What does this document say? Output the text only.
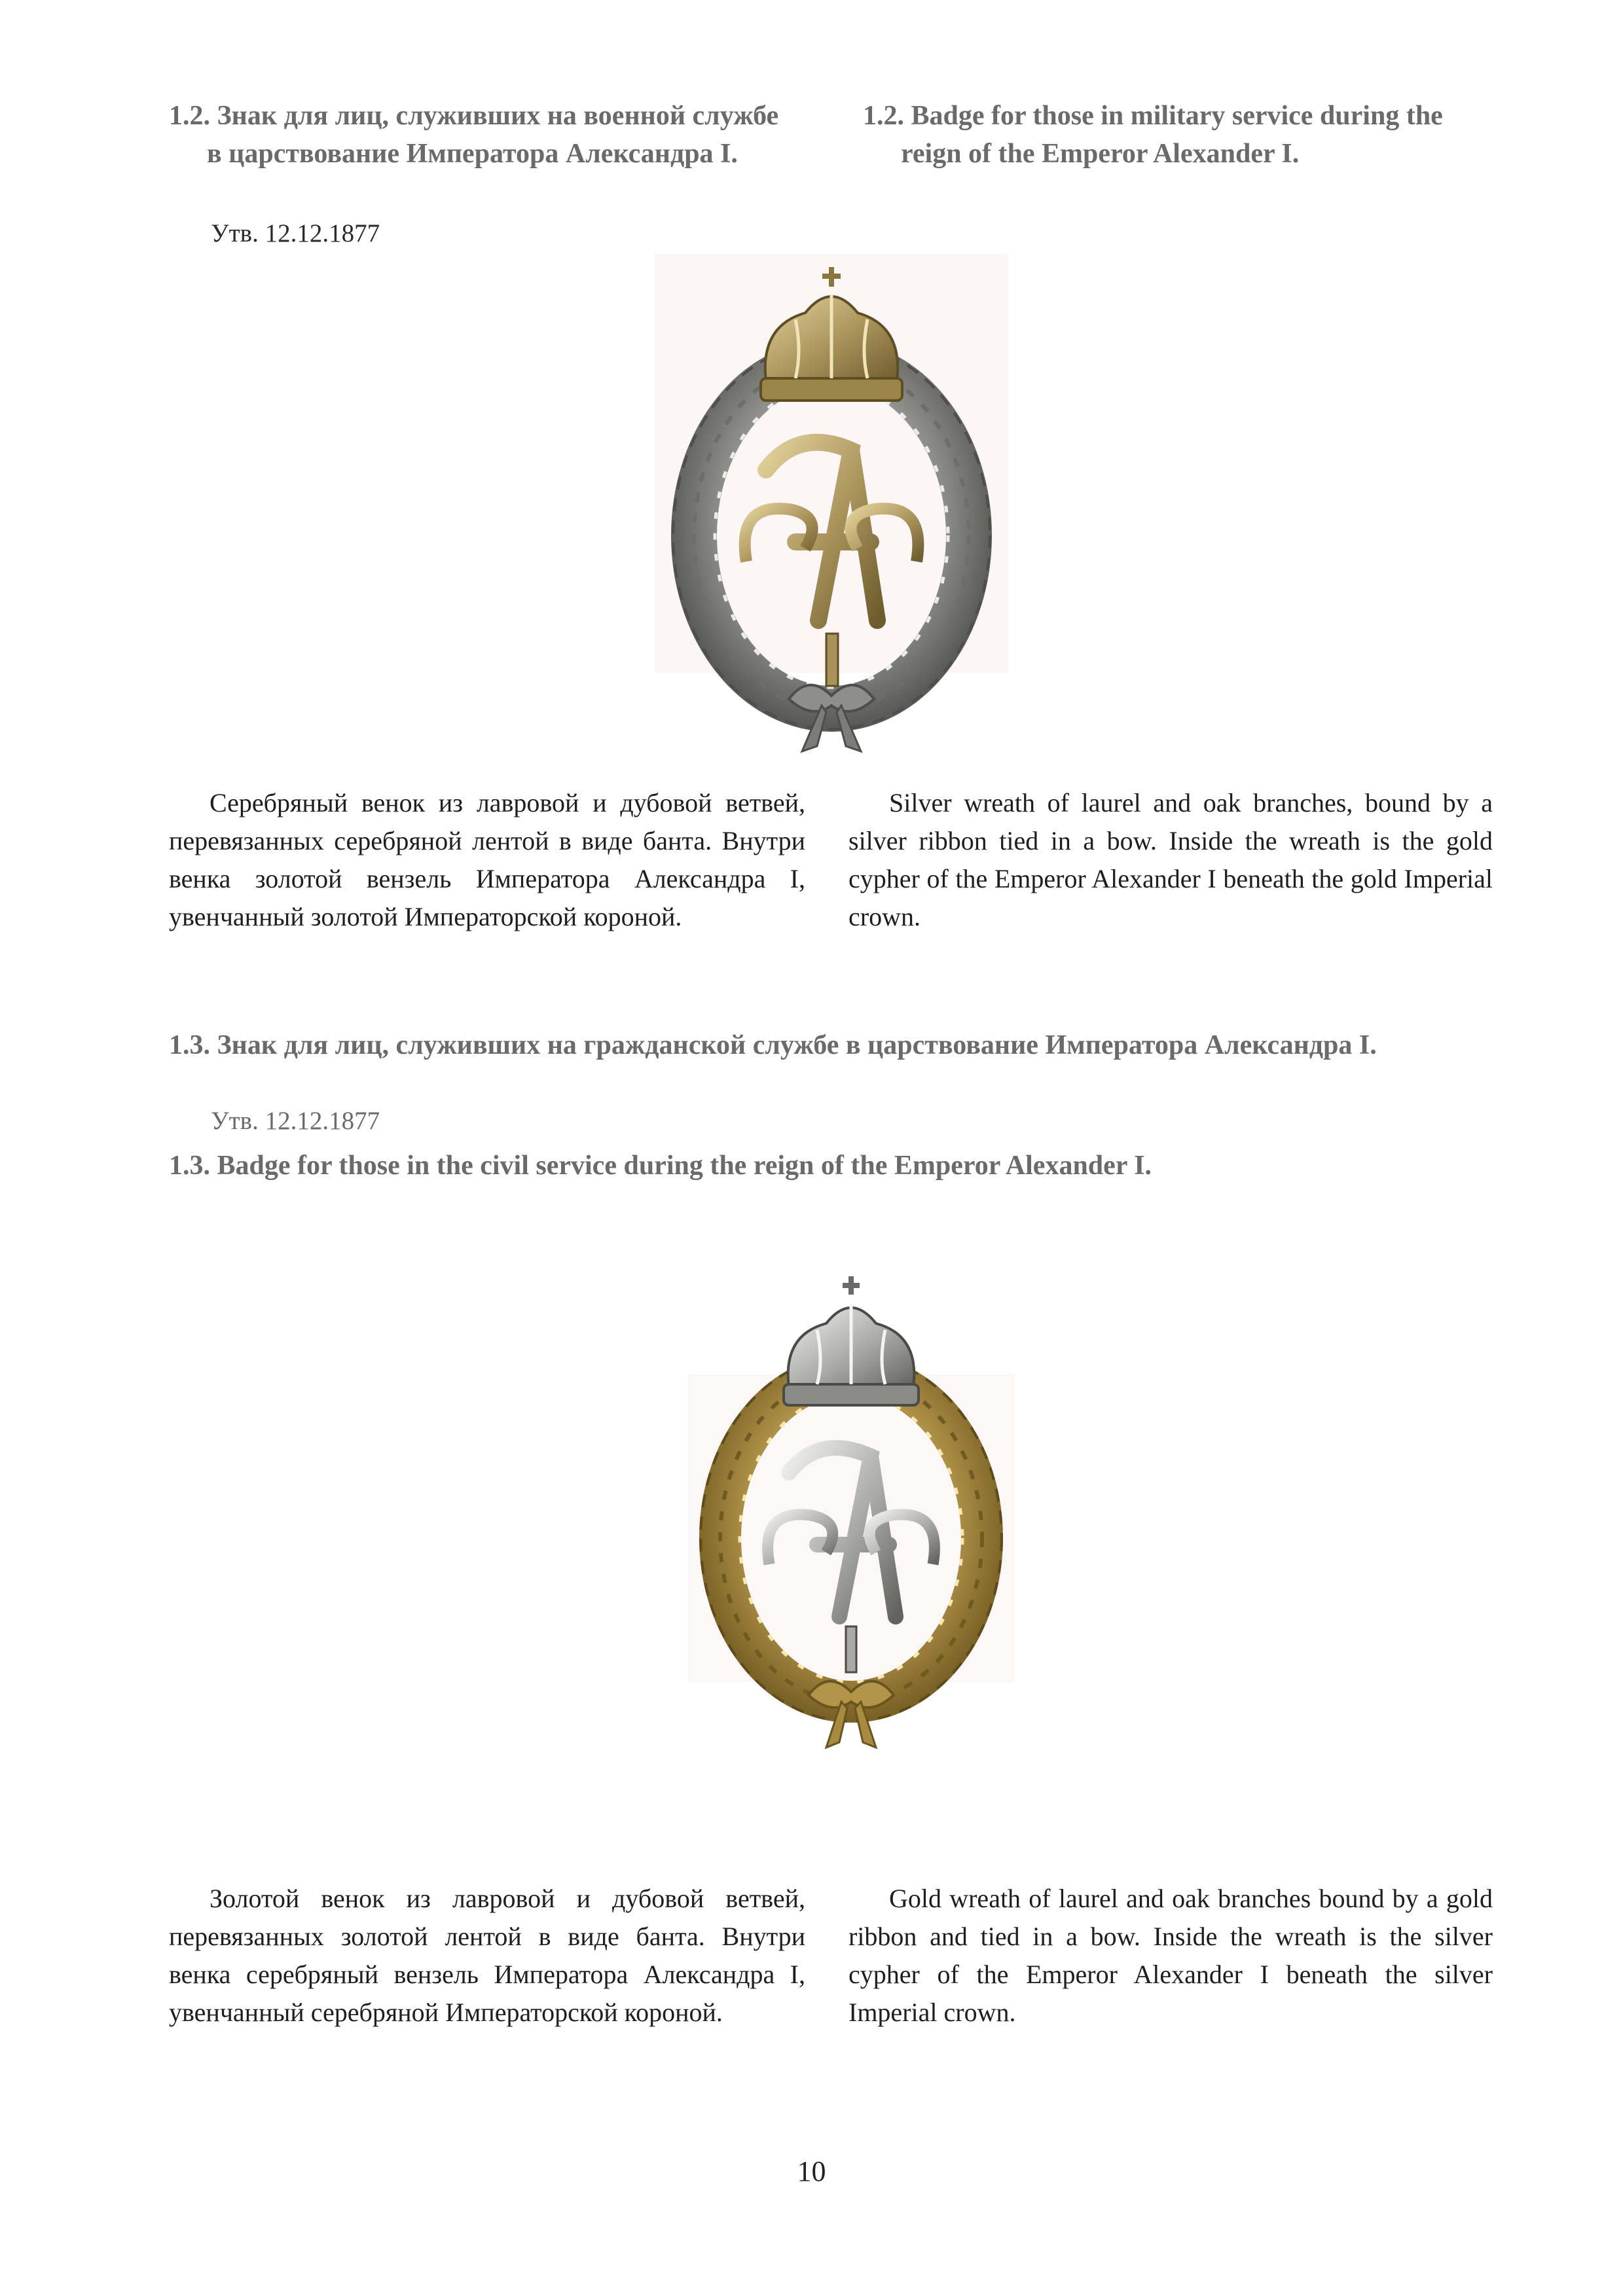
1.2. Знак для лиц, служивших на военной службе
в царствование Императора Александра I.
1.2. Badge for those in military service during the
reign of the Emperor Alexander I.
Утв. 12.12.1877
Серебряный венок из лавровой и дубовой ветвей, перевязанных серебряной лентой в виде банта. Внутри венка золотой вензель Императора Александра I, увенчанный золотой Императорской короной.
Silver wreath of laurel and oak branches, bound by a silver ribbon tied in a bow. Inside the wreath is the gold cypher of the Emperor Alexander I beneath the gold Imperial crown.
1.3. Знак для лиц, служивших на гражданской службе в царствование Императора Александра I.
Утв. 12.12.1877
1.3. Badge for those in the civil service during the reign of the Emperor Alexander I.
Золотой венок из лавровой и дубовой ветвей, перевязанных золотой лентой в виде банта. Внутри венка серебряный вензель Императора Александра I, увенчанный серебряной Императорской короной.
Gold wreath of laurel and oak branches bound by a gold ribbon and tied in a bow. Inside the wreath is the silver cypher of the Emperor Alexander I beneath the silver Imperial crown.
10
